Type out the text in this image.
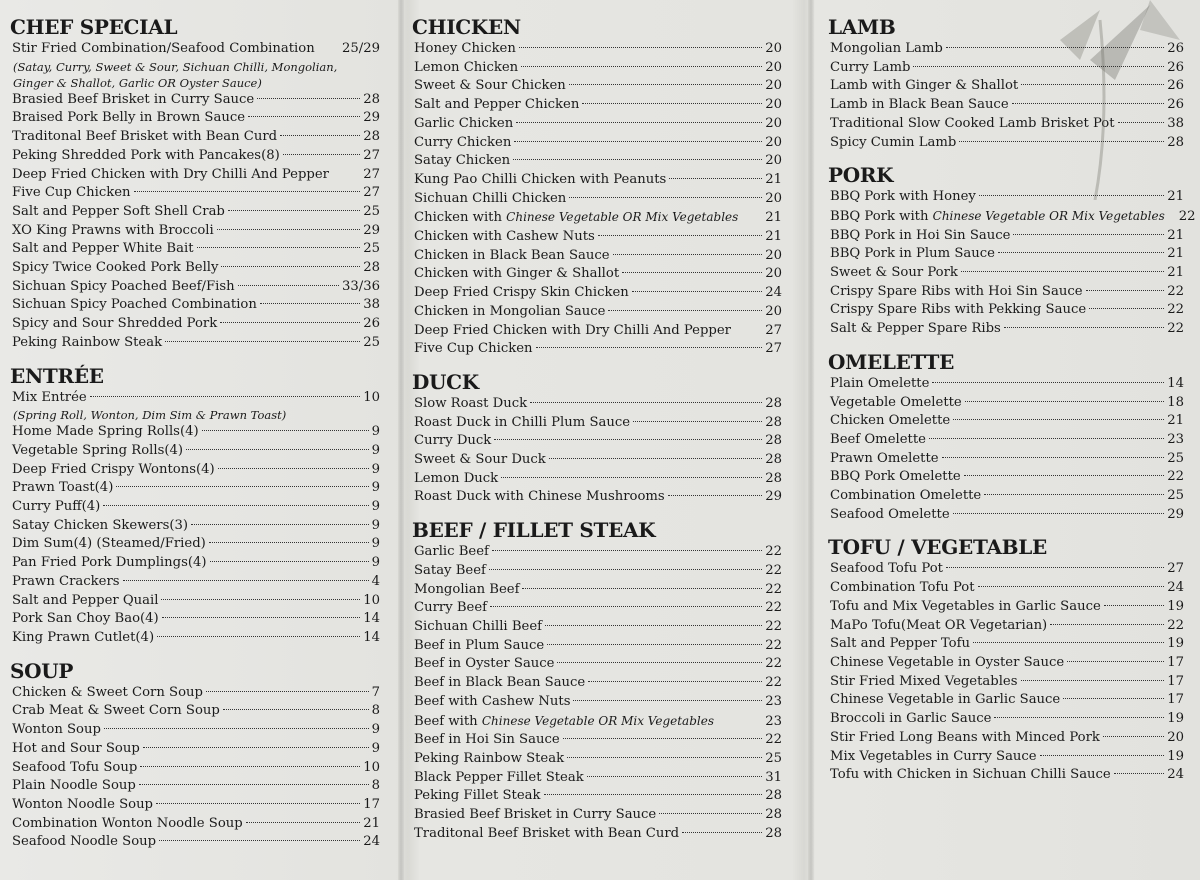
CHEF SPECIAL
Stir Fried Combination/Seafood Combination 25/29
(Satay, Curry, Sweet & Sour, Sichuan Chilli, Mongolian, Ginger & Shallot, Garlic OR Oyster Sauce)
Brasied Beef Brisket in Curry Sauce	28
Braised Pork Belly in Brown Sauce	29
Traditonal Beef Brisket with Bean Curd	28
Peking Shredded Pork with Pancakes(8)	27
Deep Fried Chicken with Dry Chilli And Pepper	27
Five Cup Chicken	27
Salt and Pepper Soft Shell Crab	25
XO King Prawns with Broccoli	29
Salt and Pepper White Bait	25
Spicy Twice Cooked Pork Belly	28
Sichuan Spicy Poached Beef/Fish	33/36
Sichuan Spicy Poached Combination	38
Spicy and Sour Shredded Pork	26
Peking Rainbow Steak	25
ENTRÉE
Mix Entrée	10
(Spring Roll, Wonton, Dim Sim & Prawn Toast)
Home Made Spring Rolls(4)	9
Vegetable Spring Rolls(4)	9
Deep Fried Crispy Wontons(4)	9
Prawn Toast(4)	9
Curry Puff(4)	9
Satay Chicken Skewers(3)	9
Dim Sum(4) (Steamed/Fried)	9
Pan Fried Pork Dumplings(4)	9
Prawn Crackers	4
Salt and Pepper Quail	10
Pork San Choy Bao(4)	14
King Prawn Cutlet(4)	14
SOUP
Chicken & Sweet Corn Soup	7
Crab Meat & Sweet Corn Soup	8
Wonton Soup	9
Hot and Sour Soup	9
Seafood Tofu Soup	10
Plain Noodle Soup	8
Wonton Noodle Soup	17
Combination Wonton Noodle Soup	21
Seafood Noodle Soup	24
CHICKEN
Honey Chicken	20
Lemon Chicken	20
Sweet & Sour Chicken	20
Salt and Pepper Chicken	20
Garlic Chicken	20
Curry Chicken	20
Satay Chicken	20
Kung Pao Chilli Chicken with Peanuts	21
Sichuan Chilli Chicken	20
Chicken with Chinese Vegetable OR Mix Vegetables 21
Chicken with Cashew Nuts	21
Chicken in Black Bean Sauce	20
Chicken with Ginger & Shallot	20
Deep Fried Crispy Skin Chicken	24
Chicken in Mongolian Sauce	20
Deep Fried Chicken with Dry Chilli And Pepper	27
Five Cup Chicken	27
DUCK
Slow Roast Duck	28
Roast Duck in Chilli Plum Sauce	28
Curry Duck	28
Sweet & Sour Duck	28
Lemon Duck	28
Roast Duck with Chinese Mushrooms	29
BEEF / FILLET STEAK
Garlic Beef	22
Satay Beef	22
Mongolian Beef	22
Curry Beef	22
Sichuan Chilli Beef	22
Beef in Plum Sauce	22
Beef in Oyster Sauce	22
Beef in Black Bean Sauce	22
Beef with Cashew Nuts	23
Beef with Chinese Vegetable OR Mix Vegetables	23
Beef in Hoi Sin Sauce	22
Peking Rainbow Steak	25
Black Pepper Fillet Steak	31
Peking Fillet Steak	28
Brasied Beef Brisket in Curry Sauce	28
Traditonal Beef Brisket with Bean Curd	28
LAMB
Mongolian Lamb	26
Curry Lamb	26
Lamb with Ginger & Shallot	26
Lamb in Black Bean Sauce	26
Traditional Slow Cooked Lamb Brisket Pot	38
Spicy Cumin Lamb	28
PORK
BBQ Pork with Honey	21
BBQ Pork with Chinese Vegetable OR Mix Vegetables 22
BBQ Pork in Hoi Sin Sauce	21
BBQ Pork in Plum Sauce	21
Sweet & Sour Pork	21
Crispy Spare Ribs with Hoi Sin Sauce	22
Crispy Spare Ribs with Pekking Sauce	22
Salt & Pepper Spare Ribs	22
OMELETTE
Plain Omelette	14
Vegetable Omelette	18
Chicken Omelette	21
Beef Omelette	23
Prawn Omelette	25
BBQ Pork Omelette	22
Combination Omelette	25
Seafood Omelette	29
TOFU / VEGETABLE
Seafood Tofu Pot	27
Combination Tofu Pot	24
Tofu and Mix Vegetables in Garlic Sauce	19
MaPo Tofu(Meat OR Vegetarian)	22
Salt and Pepper Tofu	19
Chinese Vegetable in Oyster Sauce	17
Stir Fried Mixed Vegetables	17
Chinese Vegetable in Garlic Sauce	17
Broccoli in Garlic Sauce	19
Stir Fried Long Beans with Minced Pork	20
Mix Vegetables in Curry Sauce	19
Tofu with Chicken in Sichuan Chilli Sauce	24
